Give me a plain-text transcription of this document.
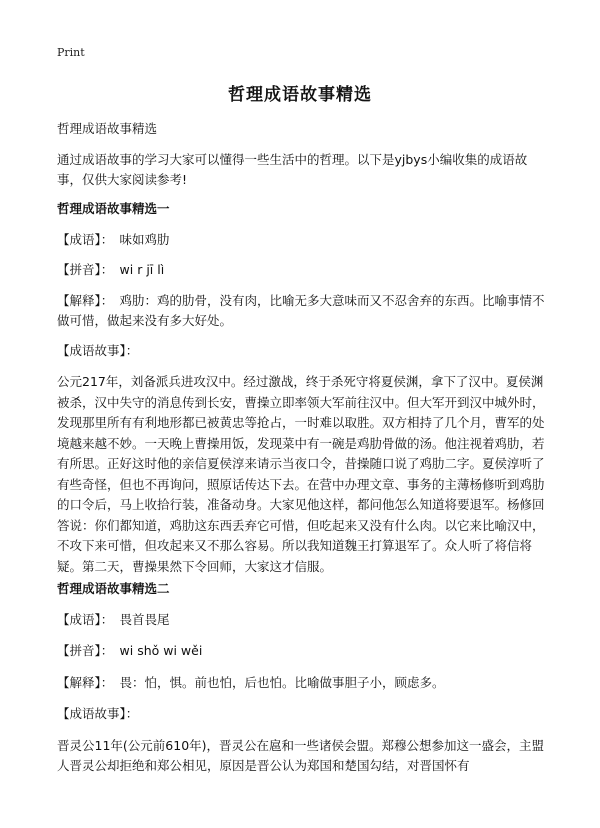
Print
哲理成语故事精选

哲理成语故事精选

通过成语故事的学习大家可以懂得一些生活中的哲理。以下是yjbys小编收集的成语故事，仅供大家阅读参考!

哲理成语故事精选一

【成语】：　 味如鸡肋

【拼音】：　 wi r jī lì

【解释】：　 鸡肋：鸡的肋骨，没有肉，比喻无多大意味而又不忍舍弃的东西。比喻事情不做可惜，做起来没有多大好处。

【成语故事】：

公元217年，刘备派兵进攻汉中。经过激战，终于杀死守将夏侯渊，拿下了汉中。夏侯渊被杀，汉中失守的消息传到长安，曹操立即率领大军前往汉中。但大军开到汉中城外时，发现那里所有有利地形都已被黄忠等抢占，一时难以取胜。双方相持了几个月，曹军的处境越来越不妙。一天晚上曹操用饭，发现菜中有一碗是鸡肋骨做的汤。他注视着鸡肋，若有所思。正好这时他的亲信夏侯淳来请示当夜口令，昔操随口说了鸡肋二字。夏侯淳听了有些奇怪，但也不再询问，照原话传达下去。在营中办理文章、事务的主薄杨修听到鸡肋的口令后，马上收拾行装，准备动身。大家见他这样，都问他怎么知道将要退军。杨修回答说：你们都知道，鸡肋这东西丢弃它可惜，但吃起来又没有什么肉。以它来比喻汉中，不攻下来可惜，但攻起来又不那么容易。所以我知道魏王打算退军了。众人听了将信将疑。第二天，曹操果然下令回师，大家这才信服。

哲理成语故事精选二

【成语】：　 畏首畏尾

【拼音】：　 wi shǒ wi wěi

【解释】：　 畏：怕，惧。前也怕，后也怕。比喻做事胆子小，顾虑多。

【成语故事】：

晋灵公11年(公元前610年)，晋灵公在扈和一些诸侯会盟。郑穆公想参加这一盛会，主盟人晋灵公却拒绝和郑公相见，原因是晋公认为郑国和楚国勾结，对晋国怀有
